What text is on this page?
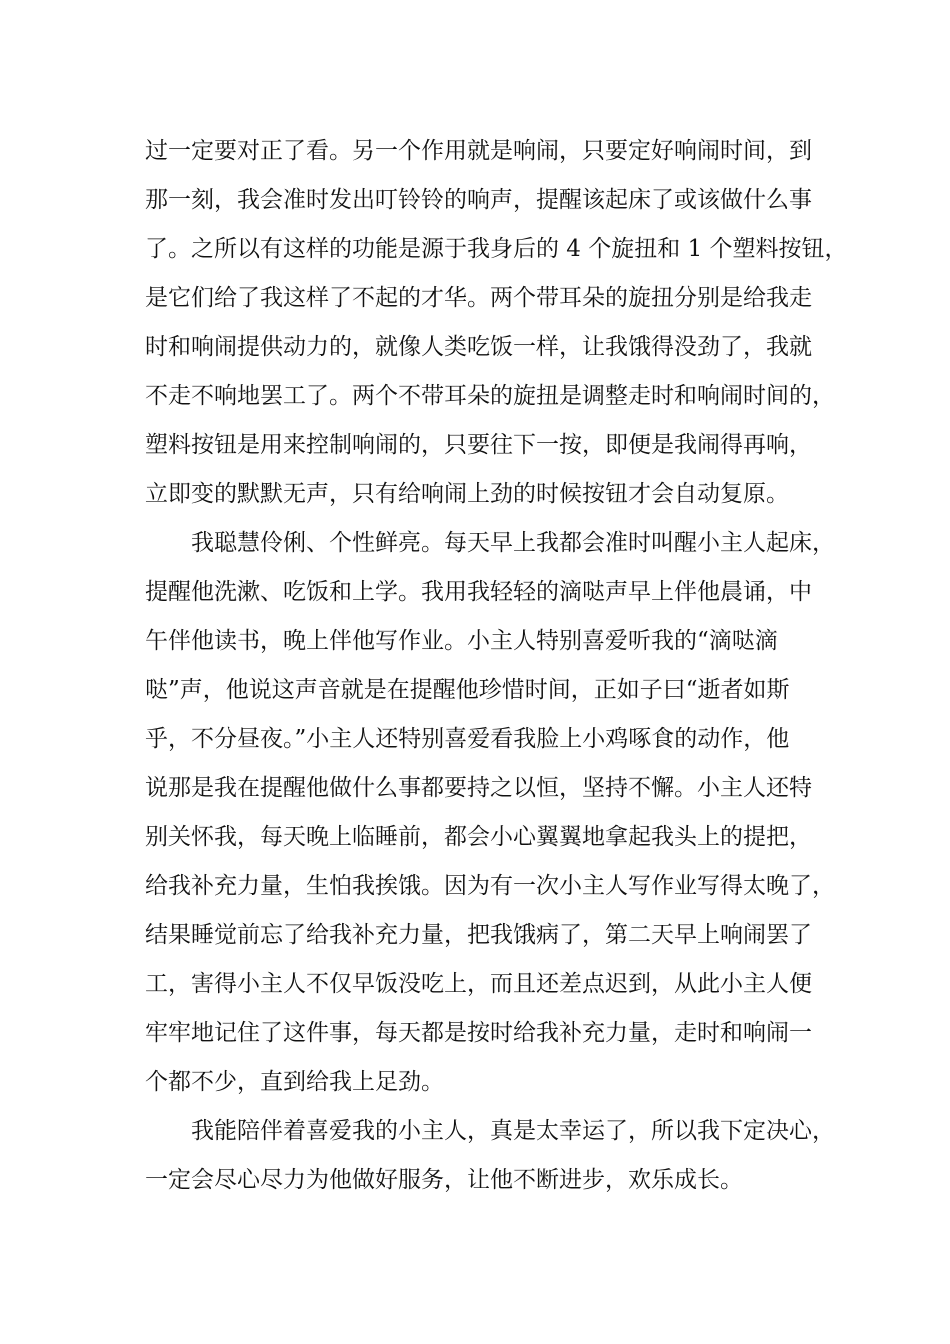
过一定要对正了看。另一个作用就是响闹，只要定好响闹时间，到
那一刻，我会准时发出叮铃铃的响声，提醒该起床了或该做什么事
了。之所以有这样的功能是源于我身后的 4 个旋扭和 1 个塑料按钮，
是它们给了我这样了不起的才华。两个带耳朵的旋扭分别是给我走
时和响闹提供动力的，就像人类吃饭一样，让我饿得没劲了，我就
不走不响地罢工了。两个不带耳朵的旋扭是调整走时和响闹时间的，
塑料按钮是用来控制响闹的，只要往下一按，即便是我闹得再响，
立即变的默默无声，只有给响闹上劲的时候按钮才会自动复原。
我聪慧伶俐、个性鲜亮。每天早上我都会准时叫醒小主人起床，
提醒他洗漱、吃饭和上学。我用我轻轻的滴哒声早上伴他晨诵，中
午伴他读书，晚上伴他写作业。小主人特别喜爱听我的“滴哒滴
哒”声，他说这声音就是在提醒他珍惜时间，正如子曰“逝者如斯
乎，不分昼夜。”小主人还特别喜爱看我脸上小鸡啄食的动作，他
说那是我在提醒他做什么事都要持之以恒，坚持不懈。小主人还特
别关怀我，每天晚上临睡前，都会小心翼翼地拿起我头上的提把，
给我补充力量，生怕我挨饿。因为有一次小主人写作业写得太晚了，
结果睡觉前忘了给我补充力量，把我饿病了，第二天早上响闹罢了
工，害得小主人不仅早饭没吃上，而且还差点迟到，从此小主人便
牢牢地记住了这件事，每天都是按时给我补充力量，走时和响闹一
个都不少，直到给我上足劲。
我能陪伴着喜爱我的小主人，真是太幸运了，所以我下定决心，
一定会尽心尽力为他做好服务，让他不断进步，欢乐成长。
